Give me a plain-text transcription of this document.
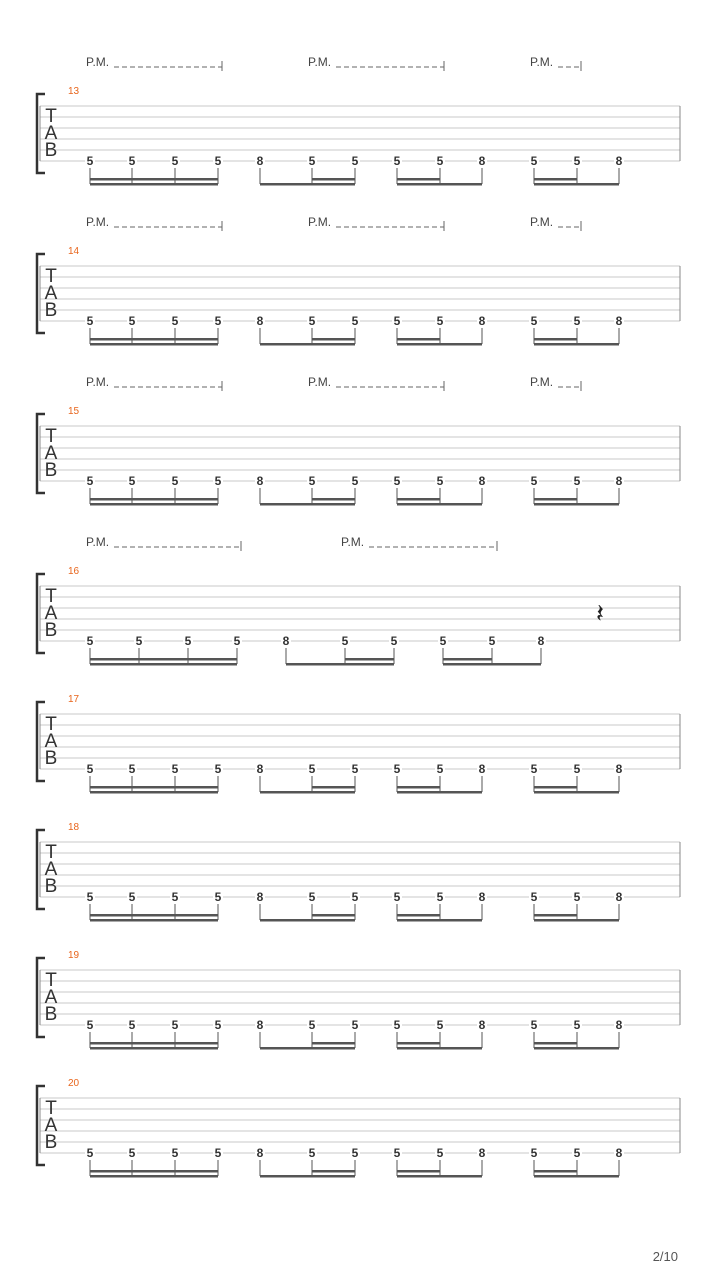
T
A
B
13
P.M.	P.M.	P.M.
5	5	5	5	8	5	5	5	5	8	5	5	8
T
A
B
14
P.M.	P.M.	P.M.
5	5	5	5	8	5	5	5	5	8	5	5	8
T
A
B
15
P.M.	P.M.	P.M.
5	5	5	5	8	5	5	5	5	8	5	5	8
T
A
B
16
P.M.	P.M.
5	5	5	5	8	5	5	5	5	8
𝄽
T
A
B
17
5	5	5	5	8	5	5	5	5	8	5	5	8
T
A
B
18
5	5	5	5	8	5	5	5	5	8	5	5	8
T
A
B
19
5	5	5	5	8	5	5	5	5	8	5	5	8
T
A
B
20
5	5	5	5	8	5	5	5	5	8	5	5	8
2/10
